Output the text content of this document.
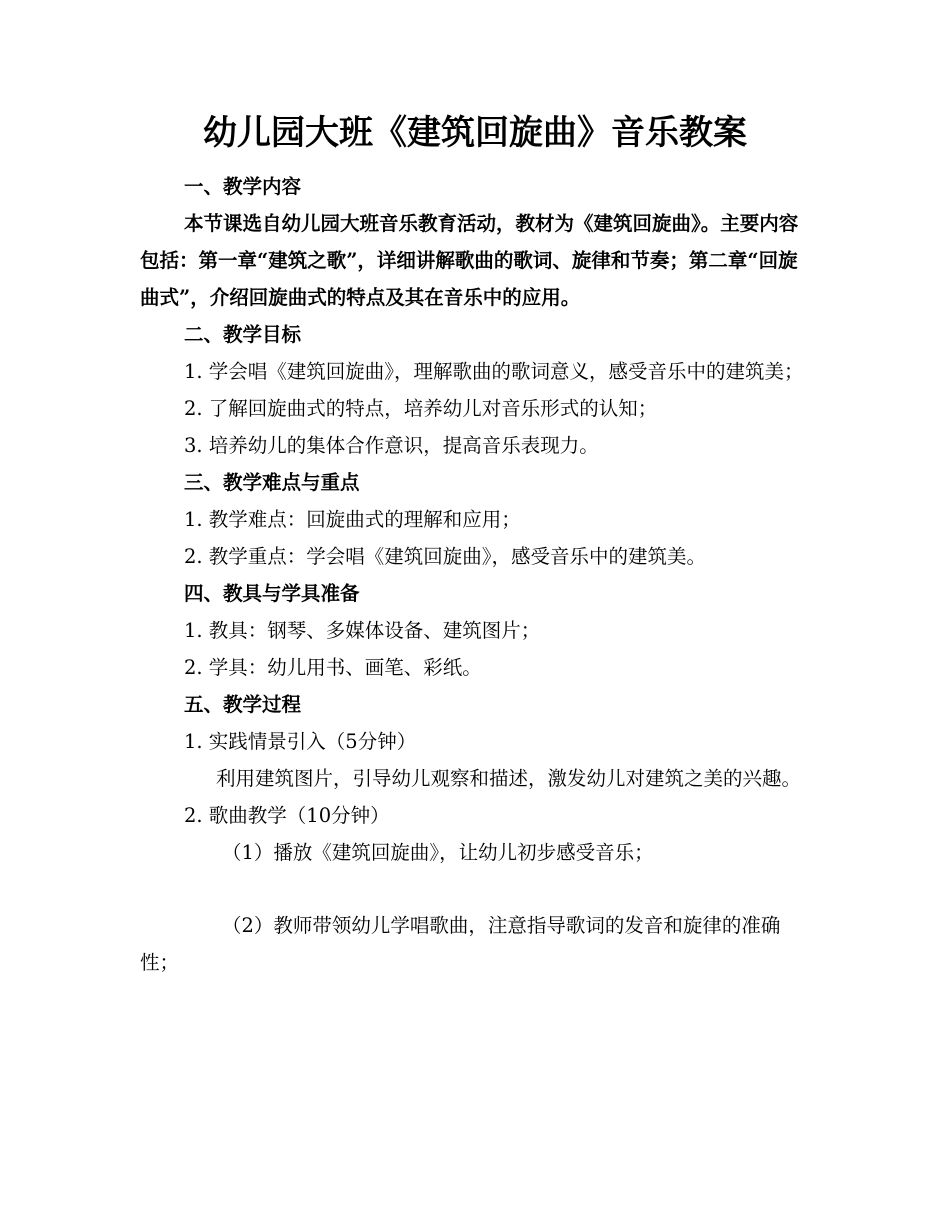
幼儿园大班《建筑回旋曲》音乐教案

一、教学内容

本节课选自幼儿园大班音乐教育活动，教材为《建筑回旋曲》。主要内容包括：第一章“建筑之歌”，详细讲解歌曲的歌词、旋律和节奏；第二章“回旋曲式”，介绍回旋曲式的特点及其在音乐中的应用。

二、教学目标

1. 学会唱《建筑回旋曲》，理解歌曲的歌词意义，感受音乐中的建筑美；

2. 了解回旋曲式的特点，培养幼儿对音乐形式的认知；

3. 培养幼儿的集体合作意识，提高音乐表现力。

三、教学难点与重点

1. 教学难点：回旋曲式的理解和应用；

2. 教学重点：学会唱《建筑回旋曲》，感受音乐中的建筑美。

四、教具与学具准备

1. 教具：钢琴、多媒体设备、建筑图片；

2. 学具：幼儿用书、画笔、彩纸。

五、教学过程

1. 实践情景引入（5分钟）

利用建筑图片，引导幼儿观察和描述，激发幼儿对建筑之美的兴趣。

2. 歌曲教学（10分钟）

（1）播放《建筑回旋曲》，让幼儿初步感受音乐；

（2）教师带领幼儿学唱歌曲，注意指导歌词的发音和旋律的准确性；
